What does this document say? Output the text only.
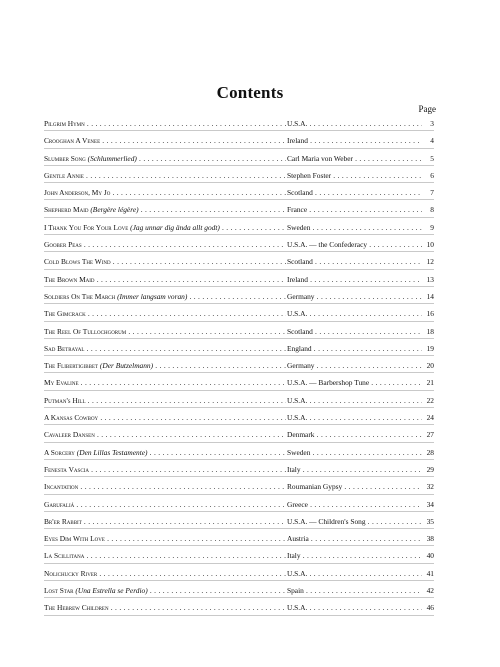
Contents
Page
Pilgrim Hymn . . .	U.S.A. . . .	3
Crooghan A Venee . . .	Ireland . . .	4
Slumber Song (Schlummerlied) . . .	Carl Maria von Weber . . .	5
Gentle Annie . . .	Stephen Foster . . .	6
John Anderson, My Jo . . .	Scotland . . .	7
Shepherd Maid (Bergère légère) . . .	France . . .	8
I Thank You For Your Love (Jag unnar dig ända allt godt) . . .	Sweden . . .	9
Goober Peas . . .	U.S.A. — the Confederacy . . .	10
Cold Blows The Wind . . .	Scotland . . .	12
The Brown Maid . . .	Ireland . . .	13
Soldiers On The March (Immer langsam voran) . . .	Germany . . .	14
The Gimcrack . . .	U.S.A. . . .	16
The Reel Of Tullochgorum . . .	Scotland . . .	18
Sad Betrayal . . .	England . . .	19
The Flibertigibbet (Der Butzelmann) . . .	Germany . . .	20
My Evaline . . .	U.S.A. — Barbershop Tune . . .	21
Putman's Hill . . .	U.S.A. . . .	22
A Kansas Cowboy . . .	U.S.A. . . .	24
Cavaleer Dansen . . .	Denmark . . .	27
A Sorcery (Den Lillas Testamente) . . .	Sweden . . .	28
Fenesta Vascia . . .	Italy . . .	29
Incantation . . .	Roumanian Gypsy . . .	32
Garufaliá . . .	Greece . . .	34
Br'er Rabbit . . .	U.S.A. — Children's Song . . .	35
Eyes Dim With Love . . .	Austria . . .	38
La Scillitana . . .	Italy . . .	40
Nolichucky River . . .	U.S.A. . . .	41
Lost Star (Una Estrella se Perdio) . . .	Spain . . .	42
The Hebrew Children . . .	U.S.A. . . .	46
